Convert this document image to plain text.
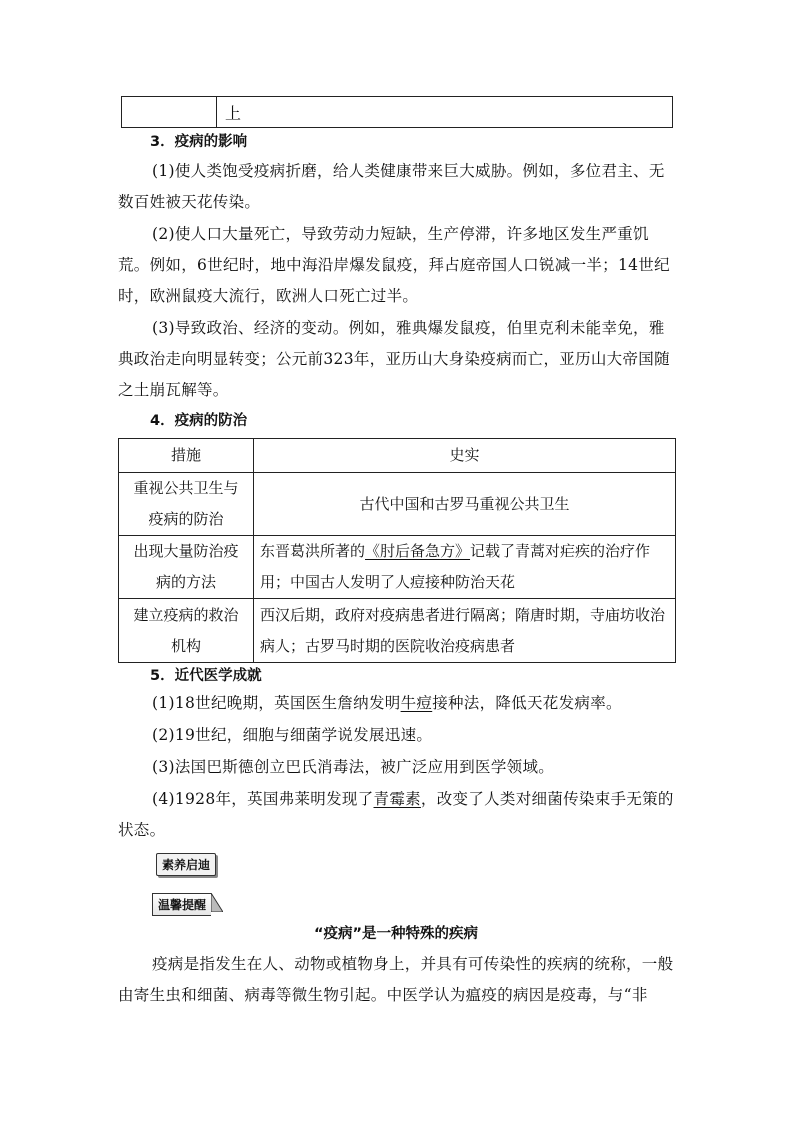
	上
3．疫病的影响
(1)使人类饱受疫病折磨，给人类健康带来巨大威胁。例如，多位君主、无数百姓被天花传染。
(2)使人口大量死亡，导致劳动力短缺，生产停滞，许多地区发生严重饥荒。例如，6世纪时，地中海沿岸爆发鼠疫，拜占庭帝国人口锐减一半；14世纪时，欧洲鼠疫大流行，欧洲人口死亡过半。
(3)导致政治、经济的变动。例如，雅典爆发鼠疫，伯里克利未能幸免，雅典政治走向明显转变；公元前323年，亚历山大身染疫病而亡，亚历山大帝国随之土崩瓦解等。
4．疫病的防治
措施	史实
重视公共卫生与疫病的防治	古代中国和古罗马重视公共卫生
出现大量防治疫病的方法	东晋葛洪所著的《肘后备急方》记载了青蒿对疟疾的治疗作用；中国古人发明了人痘接种防治天花
建立疫病的救治机构	西汉后期，政府对疫病患者进行隔离；隋唐时期，寺庙坊收治病人；古罗马时期的医院收治疫病患者
5．近代医学成就
(1)18世纪晚期，英国医生詹纳发明牛痘接种法，降低天花发病率。
(2)19世纪，细胞与细菌学说发展迅速。
(3)法国巴斯德创立巴氏消毒法，被广泛应用到医学领域。
(4)1928年，英国弗莱明发现了青霉素，改变了人类对细菌传染束手无策的状态。
素养启迪
温馨提醒
“疫病”是一种特殊的疾病
疫病是指发生在人、动物或植物身上，并具有可传染性的疾病的统称，一般由寄生虫和细菌、病毒等微生物引起。中医学认为瘟疫的病因是疫毒，与“非
